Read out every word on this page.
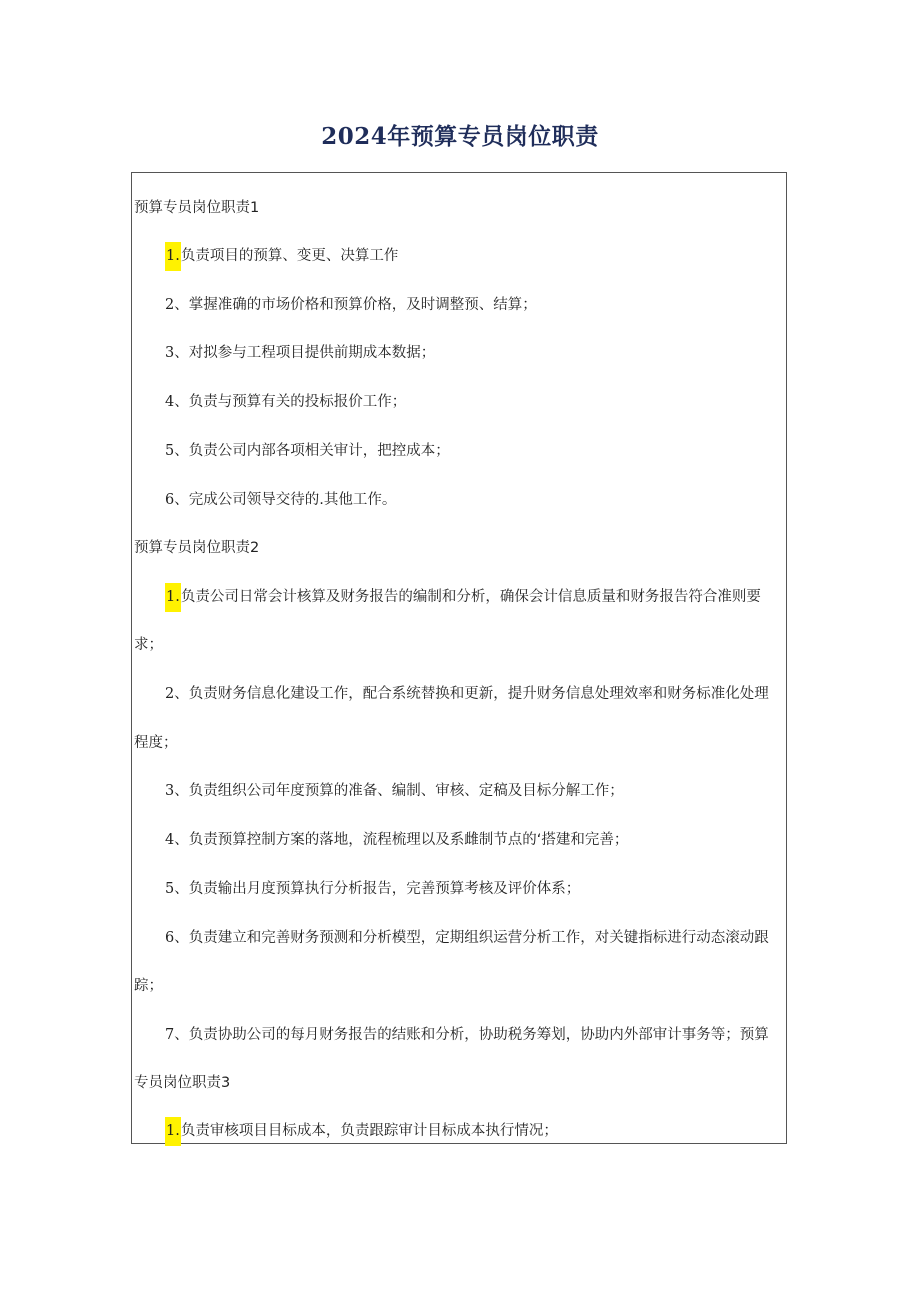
2024年预算专员岗位职责
预算专员岗位职责1
1.负责项目的预算、变更、决算工作
2、掌握准确的市场价格和预算价格，及时调整预、结算；
3、对拟参与工程项目提供前期成本数据；
4、负责与预算有关的投标报价工作；
5、负责公司内部各项相关审计，把控成本；
6、完成公司领导交待的.其他工作。
预算专员岗位职责2
1.负责公司日常会计核算及财务报告的编制和分析，确保会计信息质量和财务报告符合准则要
求；
2、负责财务信息化建设工作，配合系统替换和更新，提升财务信息处理效率和财务标准化处理
程度；
3、负责组织公司年度预算的准备、编制、审核、定稿及目标分解工作；
4、负责预算控制方案的落地，流程梳理以及系雌制节点的‘搭建和完善；
5、负责输出月度预算执行分析报告，完善预算考核及评价体系；
6、负责建立和完善财务预测和分析模型，定期组织运营分析工作，对关键指标进行动态滚动跟
踪；
7、负责协助公司的每月财务报告的结账和分析，协助税务筹划，协助内外部审计事务等；预算
专员岗位职责3
1.负责审核项目目标成本，负责跟踪审计目标成本执行情况；
